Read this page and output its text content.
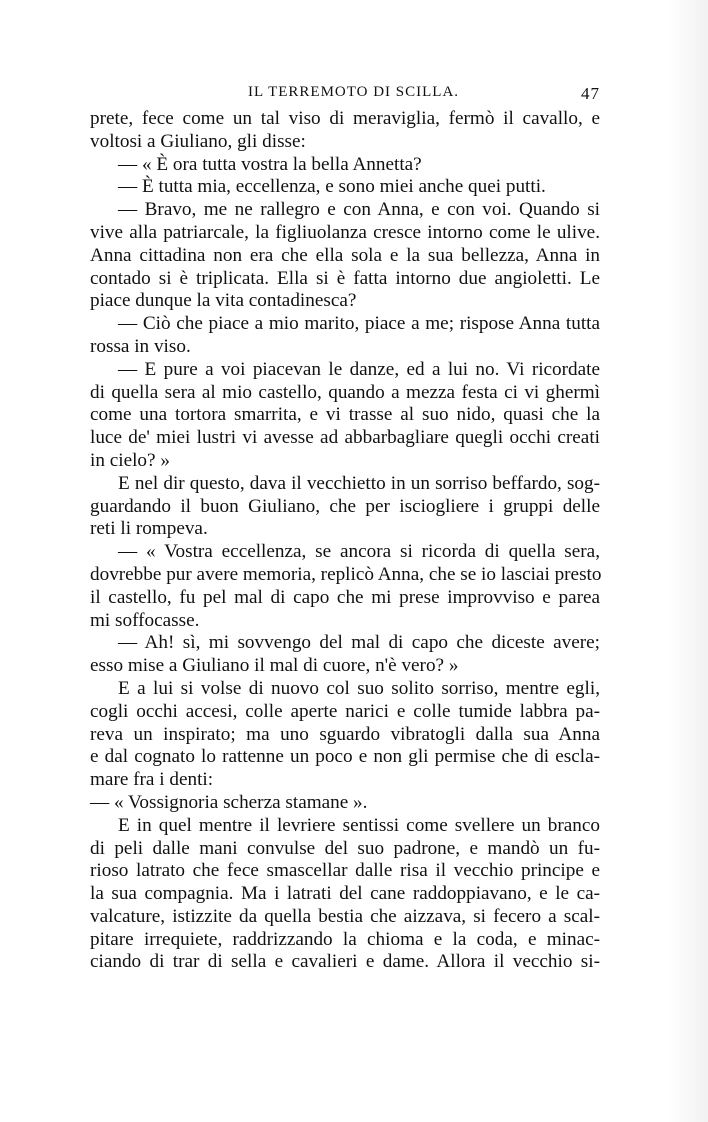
IL TERREMOTO DI SCILLA.	47
prete, fece come un tal viso di meraviglia, fermò il cavallo, e
voltosi a Giuliano, gli disse:
— « È ora tutta vostra la bella Annetta?
— È tutta mia, eccellenza, e sono miei anche quei putti.
— Bravo, me ne rallegro e con Anna, e con voi. Quando si
vive alla patriarcale, la figliuolanza cresce intorno come le ulive.
Anna cittadina non era che ella sola e la sua bellezza, Anna in
contado si è triplicata. Ella si è fatta intorno due angioletti. Le
piace dunque la vita contadinesca?
— Ciò che piace a mio marito, piace a me; rispose Anna tutta
rossa in viso.
— E pure a voi piacevan le danze, ed a lui no. Vi ricordate
di quella sera al mio castello, quando a mezza festa ci vi ghermì
come una tortora smarrita, e vi trasse al suo nido, quasi che la
luce de' miei lustri vi avesse ad abbarbagliare quegli occhi creati
in cielo? »
E nel dir questo, dava il vecchietto in un sorriso beffardo, sog-
guardando il buon Giuliano, che per iscioglierе i gruppi delle
reti li rompeva.
— « Vostra eccellenza, se ancora si ricorda di quella sera,
dovrebbe pur avere memoria, replicò Anna, che se io lasciai presto
il castello, fu pel mal di capo che mi prese improvviso e parea
mi soffocasse.
— Ah! sì, mi sovvengo del mal di capo che diceste avere;
esso mise a Giuliano il mal di cuore, n'è vero? »
E a lui si volse di nuovo col suo solito sorriso, mentre egli,
cogli occhi accesi, colle aperte narici e colle tumide labbra pa-
reva un inspirato; ma uno sguardo vibratogli dalla sua Anna
e dal cognato lo rattenne un poco e non gli permise che di escla-
mare fra i denti:
— « Vossignoria scherza stamane ».
E in quel mentre il levriere sentissi come svellere un branco
di peli dalle mani convulse del suo padrone, e mandò un fu-
rioso latrato che fece smascellar dalle risa il vecchio principe e
la sua compagnia. Ma i latrati del cane raddoppiavano, e le ca-
valcature, istizzite da quella bestia che aizzava, si fecero a scal-
pitare irrequiete, raddrizzando la chioma e la coda, e minac-
ciando di trar di sella e cavalieri e dame. Allora il vecchio si-
